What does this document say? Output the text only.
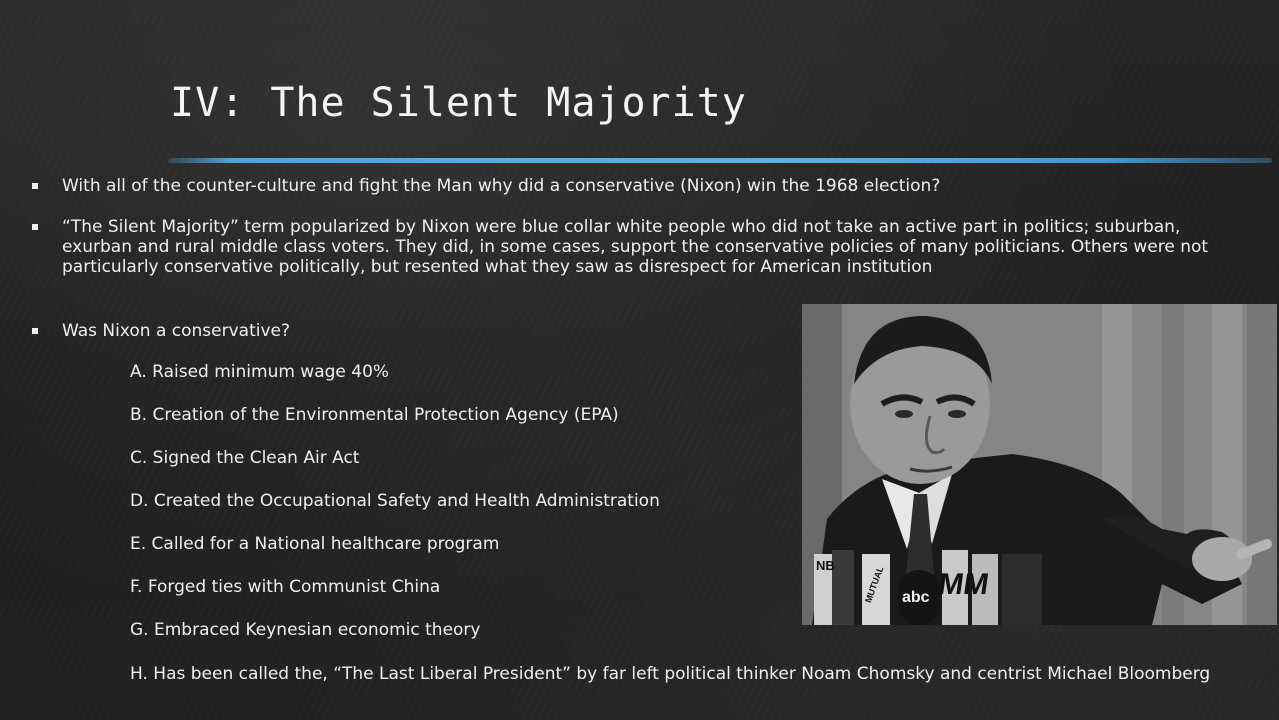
IV: The Silent Majority
With all of the counter-culture and fight the Man why did a conservative (Nixon) win the 1968 election?
“The Silent Majority” term popularized by Nixon were blue collar white people who did not take an active part in politics; suburban, exurban and rural middle class voters. They did, in some cases, support the conservative policies of many politicians. Others were not particularly conservative politically, but resented what they saw as disrespect for American institution
Was Nixon a conservative?
A. Raised minimum wage 40%
B. Creation of the Environmental Protection Agency (EPA)
C. Signed the Clean Air Act
D. Created the Occupational Safety and Health Administration
E. Called for a National healthcare program
F. Forged ties with Communist China
G. Embraced Keynesian economic theory
H. Has been called the, “The Last Liberal President” by far left political thinker Noam Chomsky and centrist Michael Bloomberg
NB	MUTUAL abc MM
